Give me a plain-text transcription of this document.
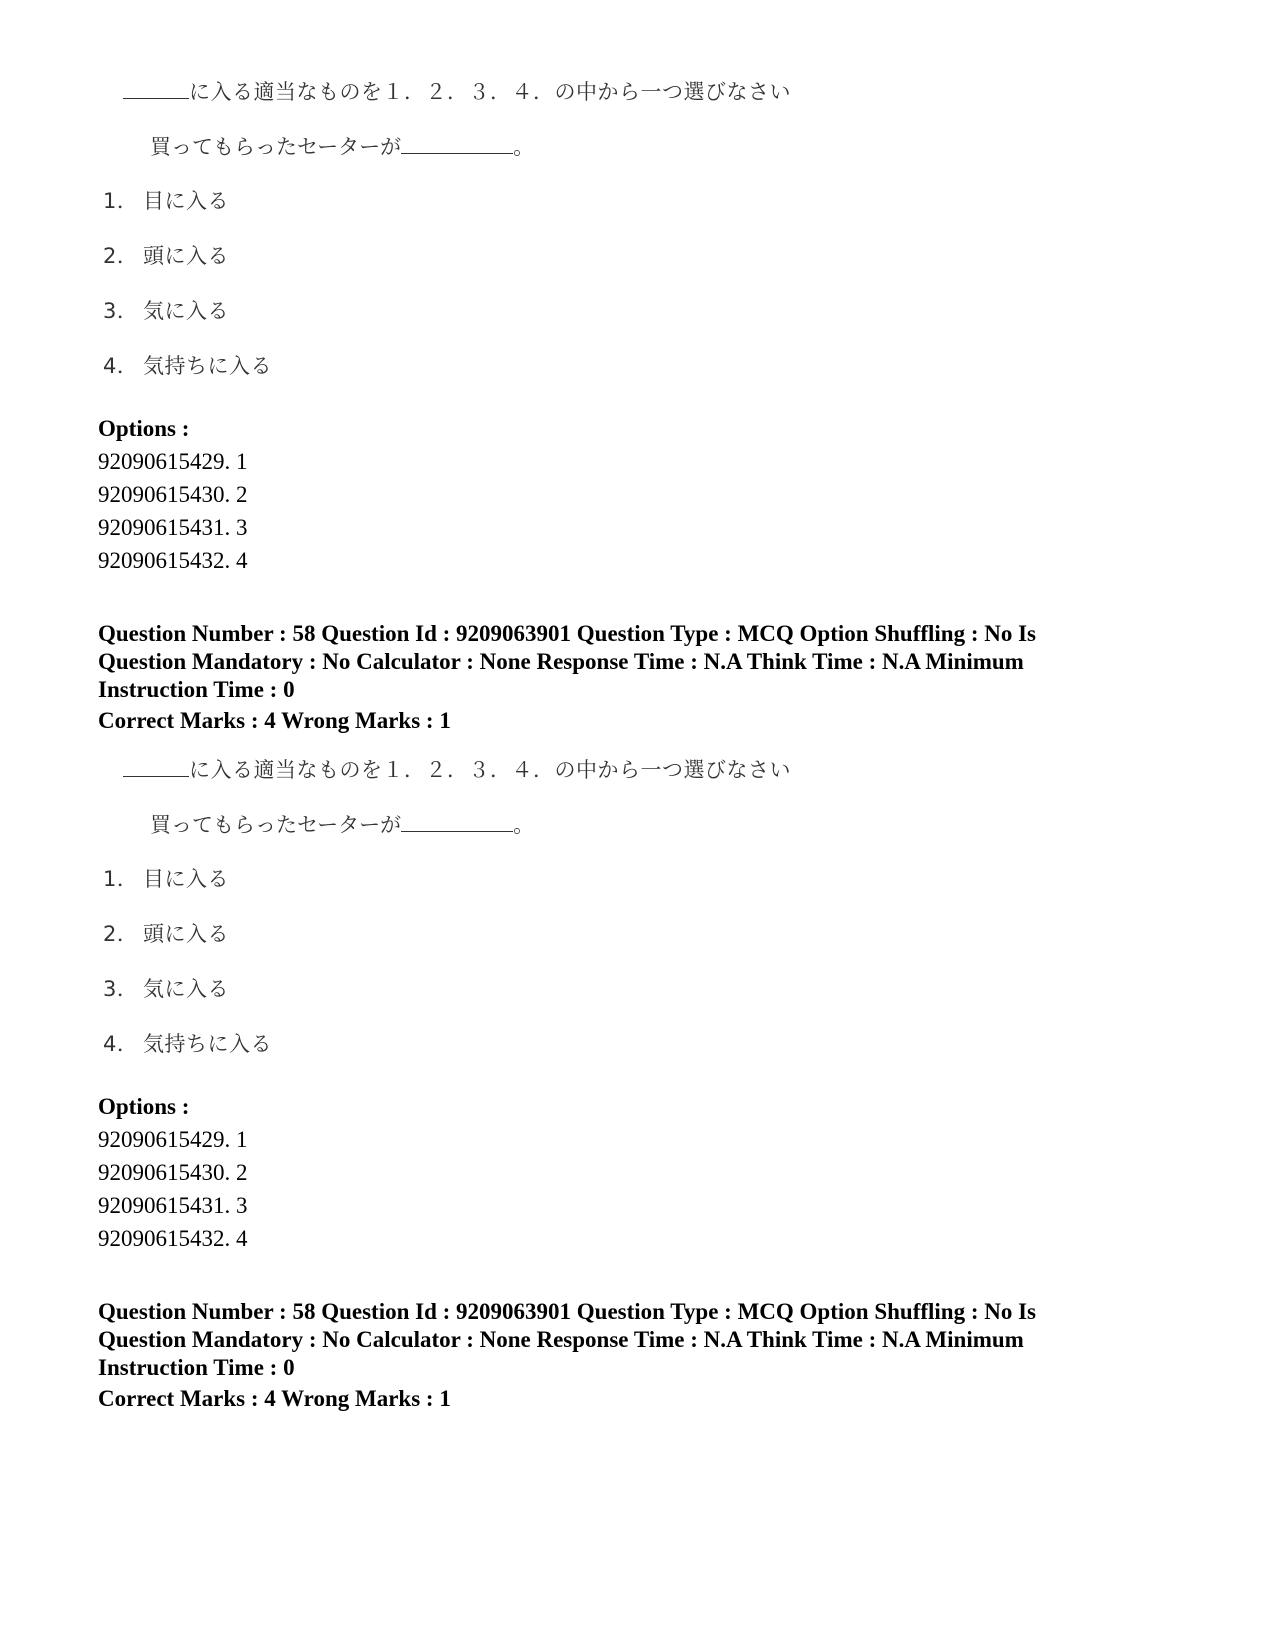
に入る適当なものを１．２．３．４．の中から一つ選びなさい
買ってもらったセーターが	。
1． 目に入る
2． 頭に入る
3． 気に入る
4． 気持ちに入る
Options :
92090615429. 1
92090615430. 2
92090615431. 3
92090615432. 4
Question Number : 58 Question Id : 9209063901 Question Type : MCQ Option Shuffling : No Is
Question Mandatory : No Calculator : None Response Time : N.A Think Time : N.A Minimum
Instruction Time : 0
Correct Marks : 4 Wrong Marks : 1
に入る適当なものを１．２．３．４．の中から一つ選びなさい
買ってもらったセーターが	。
1． 目に入る
2． 頭に入る
3． 気に入る
4． 気持ちに入る
Options :
92090615429. 1
92090615430. 2
92090615431. 3
92090615432. 4
Question Number : 58 Question Id : 9209063901 Question Type : MCQ Option Shuffling : No Is
Question Mandatory : No Calculator : None Response Time : N.A Think Time : N.A Minimum
Instruction Time : 0
Correct Marks : 4 Wrong Marks : 1
